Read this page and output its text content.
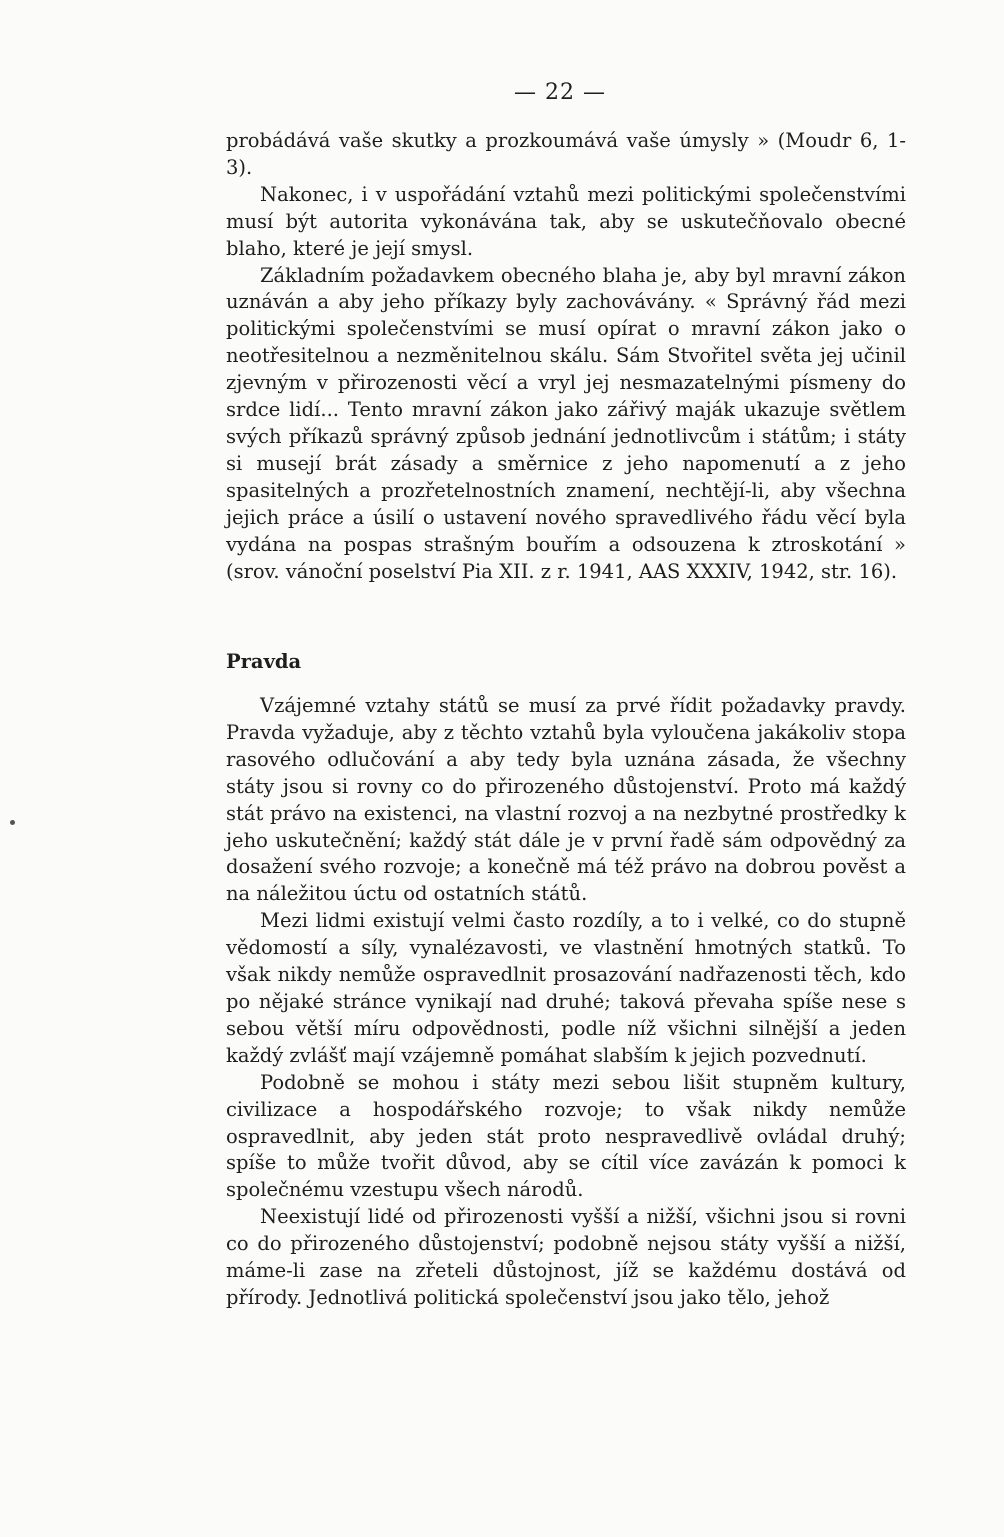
— 22 —

probádává vaše skutky a prozkoumává vaše úmysly » (Moudr 6, 1-3).

Nakonec, i v uspořádání vztahů mezi politickými společenstvími musí být autorita vykonávána tak, aby se uskutečňovalo obecné blaho, které je její smysl.

Základním požadavkem obecného blaha je, aby byl mravní zákon uznáván a aby jeho příkazy byly zachovávány. « Správný řád mezi politickými společenstvími se musí opírat o mravní zákon jako o neotřesitelnou a nezměnitelnou skálu. Sám Stvořitel světa jej učinil zjevným v přirozenosti věcí a vryl jej nesmazatelnými písmeny do srdce lidí... Tento mravní zákon jako zářivý maják ukazuje světlem svých příkazů správný způsob jednání jednotlivcům i státům; i státy si musejí brát zásady a směrnice z jeho napomenutí a z jeho spasitelných a prozřetelnostních znamení, nechtějí-li, aby všechna jejich práce a úsilí o ustavení nového spravedlivého řádu věcí byla vydána na pospas strašným bouřím a odsouzena k ztroskotání » (srov. vánoční poselství Pia XII. z r. 1941, AAS XXXIV, 1942, str. 16).

Pravda

Vzájemné vztahy států se musí za prvé řídit požadavky pravdy. Pravda vyžaduje, aby z těchto vztahů byla vyloučena jakákoliv stopa rasového odlučování a aby tedy byla uznána zásada, že všechny státy jsou si rovny co do přirozeného důstojenství. Proto má každý stát právo na existenci, na vlastní rozvoj a na nezbytné prostředky k jeho uskutečnění; každý stát dále je v první řadě sám odpovědný za dosažení svého rozvoje; a konečně má též právo na dobrou pověst a na náležitou úctu od ostatních států.

Mezi lidmi existují velmi často rozdíly, a to i velké, co do stupně vědomostí a síly, vynalézavosti, ve vlastnění hmotných statků. To však nikdy nemůže ospravedlnit prosazování nadřazenosti těch, kdo po nějaké stránce vynikají nad druhé; taková převaha spíše nese s sebou větší míru odpovědnosti, podle níž všichni silnější a jeden každý zvlášť mají vzájemně pomáhat slabším k jejich pozvednutí.

Podobně se mohou i státy mezi sebou lišit stupněm kultury, civilizace a hospodářského rozvoje; to však nikdy nemůže ospravedlnit, aby jeden stát proto nespravedlivě ovládal druhý; spíše to může tvořit důvod, aby se cítil více zavázán k pomoci k společnému vzestupu všech národů.

Neexistují lidé od přirozenosti vyšší a nižší, všichni jsou si rovni co do přirozeného důstojenství; podobně nejsou státy vyšší a nižší, máme-li zase na zřeteli důstojnost, jíž se každému dostává od přírody. Jednotlivá politická společenství jsou jako tělo, jehož
